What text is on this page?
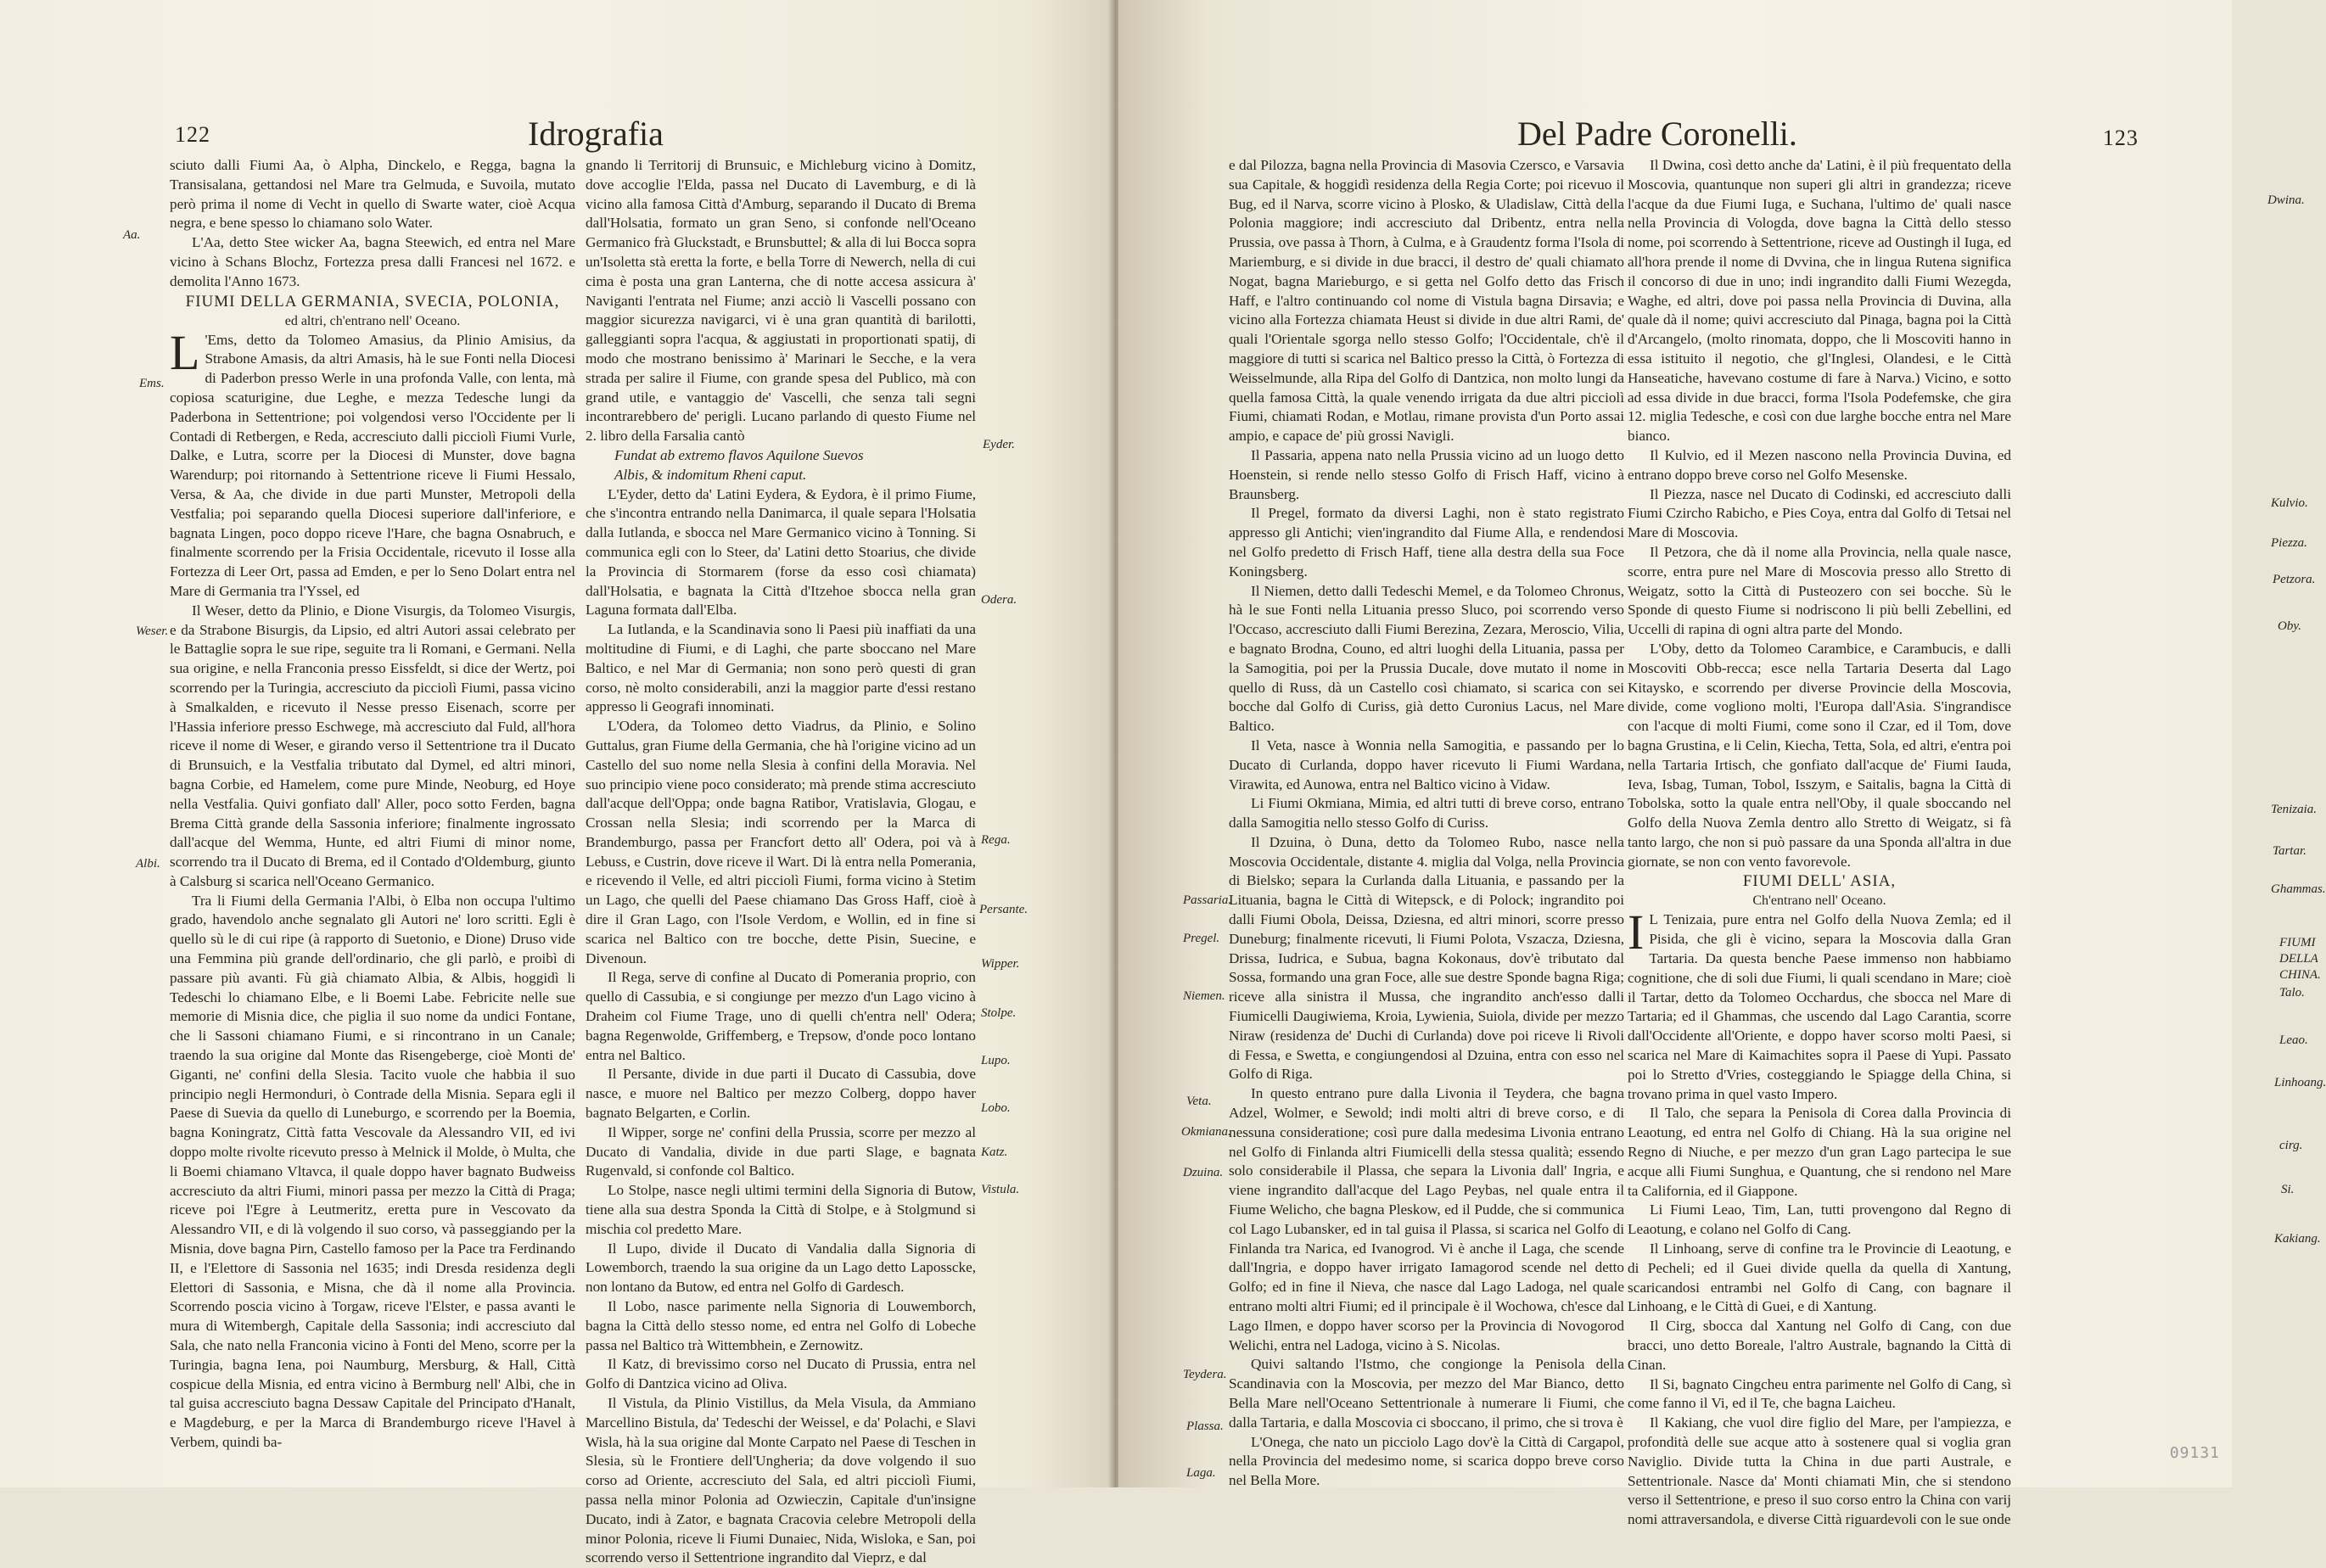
122	Idrografia

sciuto dalli Fiumi Aa, ò Alpha, Dinckelo, e Regga, bagna la Transisalana, gettandosi nel Mare tra Gelmuda, e Suvoila, mutato però prima il nome di Vecht in quello di Swarte water, cioè Acqua negra, e bene spesso lo chiamano solo Water.

L'Aa, detto Stee wicker Aa, bagna Steewich, ed entra nel Mare vicino à Schans Blochz, Fortezza presa dalli Francesi nel 1672. e demolita l'Anno 1673.

FIUMI DELLA GERMANIA, SVECIA, POLONIA,

ed altri, ch'entrano nell' Oceano.

L 'Ems, detto da Tolomeo Amasius, da Plinio Amisius, da Strabone Amasis, da altri Amasis, hà le sue Fonti nella Diocesi di Paderbon presso Werle in una profonda Valle, con lenta, mà copiosa scaturigine, due Leghe, e mezza Tedesche lungi da Paderbona in Settentrione; poi volgendosi verso l'Occidente per li Contadi di Retbergen, e Reda, accresciuto dalli picciolì Fiumi Vurle, Dalke, e Lutra, scorre per la Diocesi di Munster, dove bagna Warendurp; poi ritornando à Settentrione riceve li Fiumi Hessalo, Versa, & Aa, che divide in due parti Munster, Metropoli della Vestfalia; poi separando quella Diocesi superiore dall'inferiore, e bagnata Lingen, poco doppo riceve l'Hare, che bagna Osnabruch, e finalmente scorrendo per la Frisia Occidentale, ricevuto il Iosse alla Fortezza di Leer Ort, passa ad Emden, e per lo Seno Dolart entra nel Mare di Germania tra l'Yssel, ed

Il Weser, detto da Plinio, e Dione Visurgis, da Tolomeo Visurgis, e da Strabone Bisurgis, da Lipsio, ed altri Autori assai celebrato per le Battaglie sopra le sue ripe, seguite tra li Romani, e Germani. Nella sua origine, e nella Franconia presso Eissfeldt, si dice der Wertz, poi scorrendo per la Turingia, accresciuto da picciolì Fiumi, passa vicino à Smalkalden, e ricevuto il Nesse presso Eisenach, scorre per l'Hassia inferiore presso Eschwege, mà accresciuto dal Fuld, all'hora riceve il nome di Weser, e girando verso il Settentrione tra il Ducato di Brunsuich, e la Vestfalia tributato dal Dymel, ed altri minori, bagna Corbie, ed Hamelem, come pure Minde, Neoburg, ed Hoye nella Vestfalia. Quivi gonfiato dall' Aller, poco sotto Ferden, bagna Brema Città grande della Sassonia inferiore; finalmente ingrossato dall'acque del Wemma, Hunte, ed altri Fiumi di minor nome, scorrendo tra il Ducato di Brema, ed il Contado d'Oldemburg, giunto à Calsburg si scarica nell'Oceano Germanico.

Tra li Fiumi della Germania l'Albi, ò Elba non occupa l'ultimo grado, havendolo anche segnalato gli Autori ne' loro scritti. Egli è quello sù le di cui ripe (à rapporto di Suetonio, e Dione) Druso vide una Femmina più grande dell'ordinario, che gli parlò, e proibì di passare più avanti. Fù già chiamato Albia, & Albis, hoggidì li Tedeschi lo chiamano Elbe, e li Boemi Labe. Febricite nelle sue memorie di Misnia dice, che piglia il suo nome da undici Fontane, che li Sassoni chiamano Fiumi, e si rincontrano in un Canale; traendo la sua origine dal Monte das Risengeberge, cioè Monti de' Giganti, ne' confini della Slesia. Tacito vuole che habbia il suo principio negli Hermonduri, ò Contrade della Misnia. Separa egli il Paese di Suevia da quello di Luneburgo, e scorrendo per la Boemia, bagna Koningratz, Città fatta Vescovale da Alessandro VII, ed ivi doppo molte rivolte ricevuto presso à Melnick il Molde, ò Multa, che li Boemi chiamano Vltavca, il quale doppo haver bagnato Budweiss accresciuto da altri Fiumi, minori passa per mezzo la Città di Praga; riceve poi l'Egre à Leutmeritz, eretta pure in Vescovato da Alessandro VII, e di là volgendo il suo corso, và passeggiando per la Misnia, dove bagna Pirn, Castello famoso per la Pace tra Ferdinando II, e l'Elettore di Sassonia nel 1635; indi Dresda residenza degli Elettori di Sassonia, e Misna, che dà il nome alla Provincia. Scorrendo poscia vicino à Torgaw, riceve l'Elster, e passa avanti le mura di Witembergh, Capitale della Sassonia; indi accresciuto dal Sala, che nato nella Franconia vicino à Fonti del Meno, scorre per la Turingia, bagna Iena, poi Naumburg, Mersburg, & Hall, Città cospicue della Misnia, ed entra vicino à Bermburg nell' Albi, che in tal guisa accresciuto bagna Dessaw Capitale del Principato d'Hanalt, e Magdeburg, e per la Marca di Brandemburgo riceve l'Havel à Verbem, quindi ba-

gnando li Territorij di Brunsuic, e Michleburg vicino à Domitz, dove accoglie l'Elda, passa nel Ducato di Lavemburg, e di là vicino alla famosa Città d'Amburg, separando il Ducato di Brema dall'Holsatia, formato un gran Seno, si confonde nell'Oceano Germanico frà Gluckstadt, e Brunsbuttel; & alla di lui Bocca sopra un'Isoletta stà eretta la forte, e bella Torre di Newerch, nella di cui cima è posta una gran Lanterna, che di notte accesa assicura à' Naviganti l'entrata nel Fiume; anzi acciò li Vascelli possano con maggior sicurezza navigarci, vi è una gran quantità di barilotti, galleggianti sopra l'acqua, & aggiustati in proportionati spatij, di modo che mostrano benissimo à' Marinari le Secche, e la vera strada per salire il Fiume, con grande spesa del Publico, mà con grand utile, e vantaggio de' Vascelli, che senza tali segni incontrarebbero de' perigli. Lucano parlando di questo Fiume nel 2. libro della Farsalia cantò

Fundat ab extremo flavos Aquilone Suevos

Albis, & indomitum Rheni caput.

L'Eyder, detto da' Latini Eydera, & Eydora, è il primo Fiume, che s'incontra entrando nella Danimarca, il quale separa l'Holsatia dalla Iutlanda, e sbocca nel Mare Germanico vicino à Tonning. Si communica egli con lo Steer, da' Latini detto Stoarius, che divide la Provincia di Stormarem (forse da esso così chiamata) dall'Holsatia, e bagnata la Città d'Itzehoe sbocca nella gran Laguna formata dall'Elba.

La Iutlanda, e la Scandinavia sono li Paesi più inaffiati da una moltitudine di Fiumi, e di Laghi, che parte sboccano nel Mare Baltico, e nel Mar di Germania; non sono però questi di gran corso, nè molto considerabili, anzi la maggior parte d'essi restano appresso li Geografi innominati.

L'Odera, da Tolomeo detto Viadrus, da Plinio, e Solino Guttalus, gran Fiume della Germania, che hà l'origine vicino ad un Castello del suo nome nella Slesia à confini della Moravia. Nel suo principio viene poco considerato; mà prende stima accresciuto dall'acque dell'Oppa; onde bagna Ratibor, Vratislavia, Glogau, e Crossan nella Slesia; indi scorrendo per la Marca di Brandemburgo, passa per Francfort detto all' Odera, poi và à Lebuss, e Custrin, dove riceve il Wart. Di là entra nella Pomerania, e ricevendo il Velle, ed altri picciolì Fiumi, forma vicino à Stetim un Lago, che quelli del Paese chiamano Das Gross Haff, cioè à dire il Gran Lago, con l'Isole Verdom, e Wollin, ed in fine si scarica nel Baltico con tre bocche, dette Pisin, Suecine, e Divenoun.

Il Rega, serve di confine al Ducato di Pomerania proprio, con quello di Cassubia, e si congiunge per mezzo d'un Lago vicino à Draheim col Fiume Trage, uno di quelli ch'entra nell' Odera; bagna Regenwolde, Griffemberg, e Trepsow, d'onde poco lontano entra nel Baltico.

Il Persante, divide in due parti il Ducato di Cassubia, dove nasce, e muore nel Baltico per mezzo Colberg, doppo haver bagnato Belgarten, e Corlin.

Il Wipper, sorge ne' confini della Prussia, scorre per mezzo al Ducato di Vandalia, divide in due parti Slage, e bagnata Rugenvald, si confonde col Baltico.

Lo Stolpe, nasce negli ultimi termini della Signoria di Butow, tiene alla sua destra Sponda la Città di Stolpe, e à Stolgmund si mischia col predetto Mare.

Il Lupo, divide il Ducato di Vandalia dalla Signoria di Lowemborch, traendo la sua origine da un Lago detto Laposscke, non lontano da Butow, ed entra nel Golfo di Gardesch.

Il Lobo, nasce parimente nella Signoria di Louwemborch, bagna la Città dello stesso nome, ed entra nel Golfo di Lobeche passa nel Baltico trà Wittembhein, e Zernowitz.

Il Katz, di brevissimo corso nel Ducato di Prussia, entra nel Golfo di Dantzica vicino ad Oliva.

Il Vistula, da Plinio Vistillus, da Mela Visula, da Ammiano Marcellino Bistula, da' Tedeschi der Weissel, e da' Polachi, e Slavi Wisla, hà la sua origine dal Monte Carpato nel Paese di Teschen in Slesia, sù le Frontiere dell'Ungheria; da dove volgendo il suo corso ad Oriente, accresciuto del Sala, ed altri picciolì Fiumi, passa nella minor Polonia ad Ozwieczin, Capitale d'un'insigne Ducato, indi à Zator, e bagnata Cracovia celebre Metropoli della minor Polonia, riceve li Fiumi Dunaiec, Nida, Wisloka, e San, poi scorrendo verso il Settentrione ingrandito dal Vieprz, e dal

Aa.
Ems.
Weser.
Albi.
Eyder.
Odera.
Rega.
Persante.
Wipper.
Stolpe.
Lupo.
Lobo.
Katz.
Vistula.
Del Padre Coronelli.	123

e dal Pilozza, bagna nella Provincia di Masovia Czersco, e Varsavia sua Capitale, & hoggidì residenza della Regia Corte; poi ricevuo il Bug, ed il Narva, scorre vicino à Plosko, & Uladislaw, Città della Polonia maggiore; indi accresciuto dal Dribentz, entra nella Prussia, ove passa à Thorn, à Culma, e à Graudentz forma l'Isola di Mariemburg, e si divide in due bracci, il destro de' quali chiamato Nogat, bagna Marieburgo, e si getta nel Golfo detto das Frisch Haff, e l'altro continuando col nome di Vistula bagna Dirsavia; e vicino alla Fortezza chiamata Heust si divide in due altri Rami, de' quali l'Orientale sgorga nello stesso Golfo; l'Occidentale, ch'è il maggiore di tutti si scarica nel Baltico presso la Città, ò Fortezza di Weisselmunde, alla Ripa del Golfo di Dantzica, non molto lungi da quella famosa Città, la quale venendo irrigata da due altri picciolì Fiumi, chiamati Rodan, e Motlau, rimane provista d'un Porto assai ampio, e capace de' più grossi Navigli.

Il Passaria, appena nato nella Prussia vicino ad un luogo detto Hoenstein, si rende nello stesso Golfo di Frisch Haff, vicino à Braunsberg.

Il Pregel, formato da diversi Laghi, non è stato registrato appresso gli Antichi; vien'ingrandito dal Fiume Alla, e rendendosi nel Golfo predetto di Frisch Haff, tiene alla destra della sua Foce Koningsberg.

Il Niemen, detto dalli Tedeschi Memel, e da Tolomeo Chronus, hà le sue Fonti nella Lituania presso Sluco, poi scorrendo verso l'Occaso, accresciuto dalli Fiumi Berezina, Zezara, Meroscio, Vilia, e bagnato Brodna, Couno, ed altri luoghi della Lituania, passa per la Samogitia, poi per la Prussia Ducale, dove mutato il nome in quello di Russ, dà un Castello così chiamato, si scarica con sei bocche dal Golfo di Curiss, già detto Curonius Lacus, nel Mare Baltico.

Il Veta, nasce à Wonnia nella Samogitia, e passando per lo Ducato di Curlanda, doppo haver ricevuto li Fiumi Wardana, Virawita, ed Aunowa, entra nel Baltico vicino à Vidaw.

Li Fiumi Okmiana, Mimia, ed altri tutti di breve corso, entrano dalla Samogitia nello stesso Golfo di Curiss.

Il Dzuina, ò Duna, detto da Tolomeo Rubo, nasce nella Moscovia Occidentale, distante 4. miglia dal Volga, nella Provincia di Bielsko; separa la Curlanda dalla Lituania, e passando per la Lituania, bagna le Città di Witepsck, e di Polock; ingrandito poi dalli Fiumi Obola, Deissa, Dziesna, ed altri minori, scorre presso Duneburg; finalmente ricevuti, li Fiumi Polota, Vszacza, Dziesna, Drissa, Iudrica, e Subua, bagna Kokonaus, dov'è tributato dal Sossa, formando una gran Foce, alle sue destre Sponde bagna Riga; riceve alla sinistra il Mussa, che ingrandito anch'esso dalli Fiumicelli Daugiwiema, Kroia, Lywienia, Suiola, divide per mezzo Niraw (residenza de' Duchi di Curlanda) dove poi riceve li Rivoli di Fessa, e Swetta, e congiungendosi al Dzuina, entra con esso nel Golfo di Riga.

In questo entrano pure dalla Livonia il Teydera, che bagna Adzel, Wolmer, e Sewold; indi molti altri di breve corso, e di nessuna consideratione; così pure dalla medesima Livonia entrano nel Golfo di Finlanda altri Fiumicelli della stessa qualità; essendo solo considerabile il Plassa, che separa la Livonia dall' Ingria, e viene ingrandito dall'acque del Lago Peybas, nel quale entra il Fiume Welicho, che bagna Pleskow, ed il Pudde, che si communica col Lago Lubansker, ed in tal guisa il Plassa, si scarica nel Golfo di Finlanda tra Narica, ed Ivanogrod. Vi è anche il Laga, che scende dall'Ingria, e doppo haver irrigato Iamagorod scende nel detto Golfo; ed in fine il Nieva, che nasce dal Lago Ladoga, nel quale entrano molti altri Fiumi; ed il principale è il Wochowa, ch'esce dal Lago Ilmen, e doppo haver scorso per la Provincia di Novogorod Welichi, entra nel Ladoga, vicino à S. Nicolas.

Quivi saltando l'Istmo, che congionge la Penisola della Scandinavia con la Moscovia, per mezzo del Mar Bianco, detto Bella Mare nell'Oceano Settentrionale à numerare li Fiumi, che dalla Tartaria, e dalla Moscovia ci sboccano, il primo, che si trova è

L'Onega, che nato un picciolo Lago dov'è la Città di Cargapol, nella Provincia del medesimo nome, si scarica doppo breve corso nel Bella More.

Il Dwina, così detto anche da' Latini, è il più frequentato della Moscovia, quantunque non superi gli altri in grandezza; riceve l'acque da due Fiumi Iuga, e Suchana, l'ultimo de' quali nasce nella Provincia di Vologda, dove bagna la Città dello stesso nome, poi scorrendo à Settentrione, riceve ad Oustingh il Iuga, ed all'hora prende il nome di Dvvina, che in lingua Rutena significa il concorso di due in uno; indi ingrandito dalli Fiumi Wezegda, Waghe, ed altri, dove poi passa nella Provincia di Duvina, alla quale dà il nome; quivi accresciuto dal Pinaga, bagna poi la Città d'Arcangelo, (molto rinomata, doppo, che li Moscoviti hanno in essa istituito il negotio, che gl'Inglesi, Olandesi, e le Città Hanseatiche, havevano costume di fare à Narva.) Vicino, e sotto ad essa divide in due bracci, forma l'Isola Podefemske, che gira 12. miglia Tedesche, e così con due larghe bocche entra nel Mare bianco.

Il Kulvio, ed il Mezen nascono nella Provincia Duvina, ed entrano doppo breve corso nel Golfo Mesenske.

Il Piezza, nasce nel Ducato di Codinski, ed accresciuto dalli Fiumi Czircho Rabicho, e Pies Coya, entra dal Golfo di Tetsai nel Mare di Moscovia.

Il Petzora, che dà il nome alla Provincia, nella quale nasce, scorre, entra pure nel Mare di Moscovia presso allo Stretto di Weigatz, sotto la Città di Pusteozero con sei bocche. Sù le Sponde di questo Fiume si nodriscono li più belli Zebellini, ed Uccelli di rapina di ogni altra parte del Mondo.

L'Oby, detto da Tolomeo Carambice, e Carambucis, e dalli Moscoviti Obb-recca; esce nella Tartaria Deserta dal Lago Kitaysko, e scorrendo per diverse Provincie della Moscovia, divide, come vogliono molti, l'Europa dall'Asia. S'ingrandisce con l'acque di molti Fiumi, come sono il Czar, ed il Tom, dove bagna Grustina, e li Celin, Kiecha, Tetta, Sola, ed altri, e'entra poi nella Tartaria Irtisch, che gonfiato dall'acque de' Fiumi Iauda, Ieva, Isbag, Tuman, Tobol, Isszym, e Saitalis, bagna la Città di Tobolska, sotto la quale entra nell'Oby, il quale sboccando nel Golfo della Nuova Zemla dentro allo Stretto di Weigatz, si fà tanto largo, che non si può passare da una Sponda all'altra in due giornate, se non con vento favorevole.

FIUMI DELL' ASIA,

Ch'entrano nell' Oceano.

I L Tenizaia, pure entra nel Golfo della Nuova Zemla; ed il Pisida, che gli è vicino, separa la Moscovia dalla Gran Tartaria. Da questa benche Paese immenso non habbiamo cognitione, che di soli due Fiumi, li quali scendano in Mare; cioè il Tartar, detto da Tolomeo Occhardus, che sbocca nel Mare di Tartaria; ed il Ghammas, che uscendo dal Lago Carantia, scorre dall'Occidente all'Oriente, e doppo haver scorso molti Paesi, si scarica nel Mare di Kaimachites sopra il Paese di Yupi. Passato poi lo Stretto d'Vries, costeggiando le Spiagge della China, si trovano prima in quel vasto Impero.

Il Talo, che separa la Penisola di Corea dalla Provincia di Leaotung, ed entra nel Golfo di Chiang. Hà la sua origine nel Regno di Niuche, e per mezzo d'un gran Lago partecipa le sue acque alli Fiumi Sunghua, e Quantung, che si rendono nel Mare ta California, ed il Giappone.

Li Fiumi Leao, Tim, Lan, tutti provengono dal Regno di Leaotung, e colano nel Golfo di Cang.

Il Linhoang, serve di confine tra le Provincie di Leaotung, e di Pecheli; ed il Guei divide quella da quella di Xantung, scaricandosi entrambi nel Golfo di Cang, con bagnare il Linhoang, e le Città di Guei, e di Xantung.

Il Cirg, sbocca dal Xantung nel Golfo di Cang, con due bracci, uno detto Boreale, l'altro Australe, bagnando la Città di Cinan.

Il Si, bagnato Cingcheu entra parimente nel Golfo di Cang, sì come fanno il Vi, ed il Te, che bagna Laicheu.

Il Kakiang, che vuol dire figlio del Mare, per l'ampiezza, e profondità delle sue acque atto à sostenere qual si voglia gran Naviglio. Divide tutta la China in due parti Australe, e Settentrionale. Nasce da' Monti chiamati Min, che si stendono verso il Settentrione, e preso il suo corso entro la China con varij nomi attraversandola, e diverse Città riguardevoli con le sue onde

Dwina.
Kulvio.
Piezza.
Petzora.
Oby.
Tenizaia.
Tartar.
Ghammas.
FIUMI
DELLA
CHINA.
Talo.
Leao.
Linhoang.
cirg.
Si.
Kakiang.
Passaria.
Pregel.
Niemen.
Veta.
Okmiana.
Dzuina.
Teydera.
Plassa.
Laga.
09131
